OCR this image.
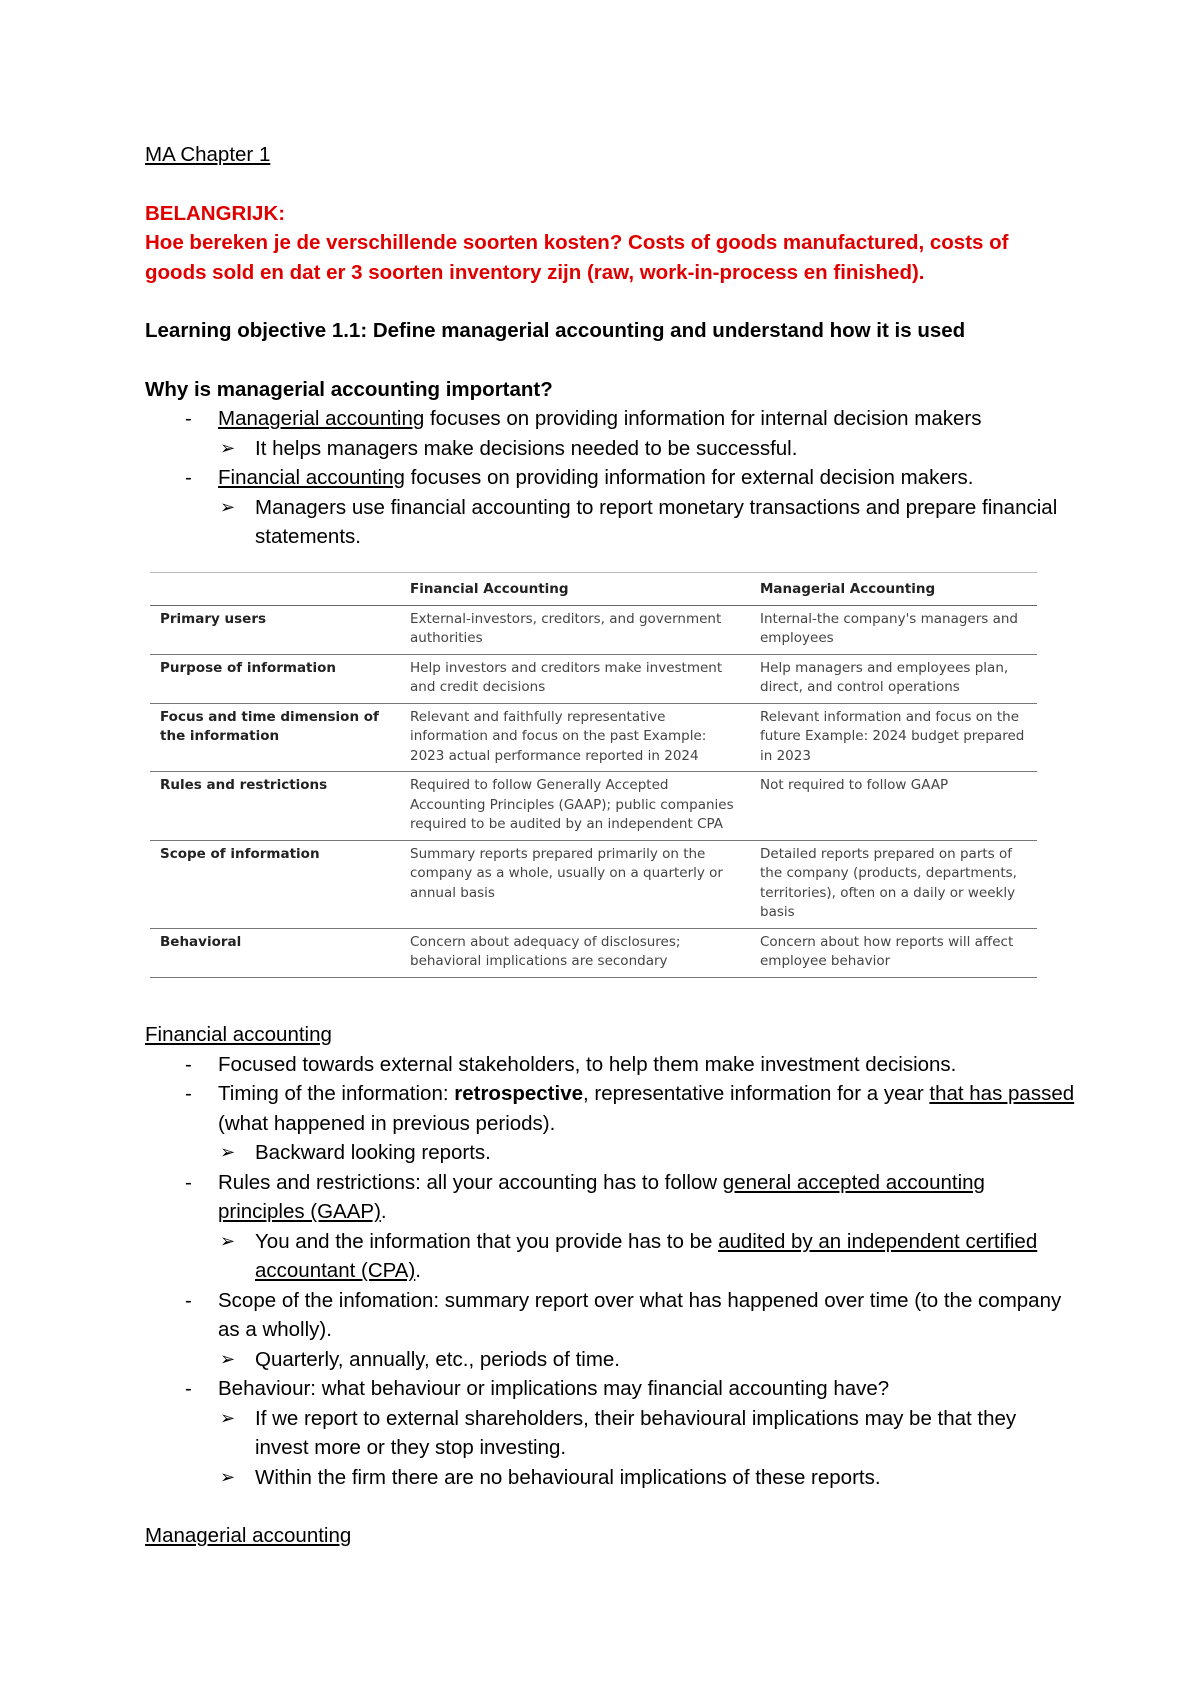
MA Chapter 1

BELANGRIJK:

Hoe bereken je de verschillende soorten kosten? Costs of goods manufactured, costs of goods sold en dat er 3 soorten inventory zijn (raw, work-in-process en finished).

Learning objective 1.1: Define managerial accounting and understand how it is used

Why is managerial accounting important?

- Managerial accounting focuses on providing information for internal decision makers
➢ It helps managers make decisions needed to be successful.
- Financial accounting focuses on providing information for external decision makers.
➢ Managers use financial accounting to report monetary transactions and prepare financial statements.
	Financial Accounting	Managerial Accounting
Primary users	External-investors, creditors, and government authorities	Internal-the company's managers and employees
Purpose of information	Help investors and creditors make investment and credit decisions	Help managers and employees plan, direct, and control operations
Focus and time dimension of the information	Relevant and faithfully representative information and focus on the past Example: 2023 actual performance reported in 2024	Relevant information and focus on the future Example: 2024 budget prepared in 2023
Rules and restrictions	Required to follow Generally Accepted Accounting Principles (GAAP); public companies required to be audited by an independent CPA	Not required to follow GAAP
Scope of information	Summary reports prepared primarily on the company as a whole, usually on a quarterly or annual basis	Detailed reports prepared on parts of the company (products, departments, territories), often on a daily or weekly basis
Behavioral	Concern about adequacy of disclosures; behavioral implications are secondary	Concern about how reports will affect employee behavior

Financial accounting

- Focused towards external stakeholders, to help them make investment decisions.
- Timing of the information: retrospective, representative information for a year that has passed (what happened in previous periods).
➢ Backward looking reports.
- Rules and restrictions: all your accounting has to follow general accepted accounting principles (GAAP).
➢ You and the information that you provide has to be audited by an independent certified accountant (CPA).
- Scope of the infomation: summary report over what has happened over time (to the company as a wholly).
➢ Quarterly, annually, etc., periods of time.
- Behaviour: what behaviour or implications may financial accounting have?
➢ If we report to external shareholders, their behavioural implications may be that they invest more or they stop investing.
➢ Within the firm there are no behavioural implications of these reports.

Managerial accounting
